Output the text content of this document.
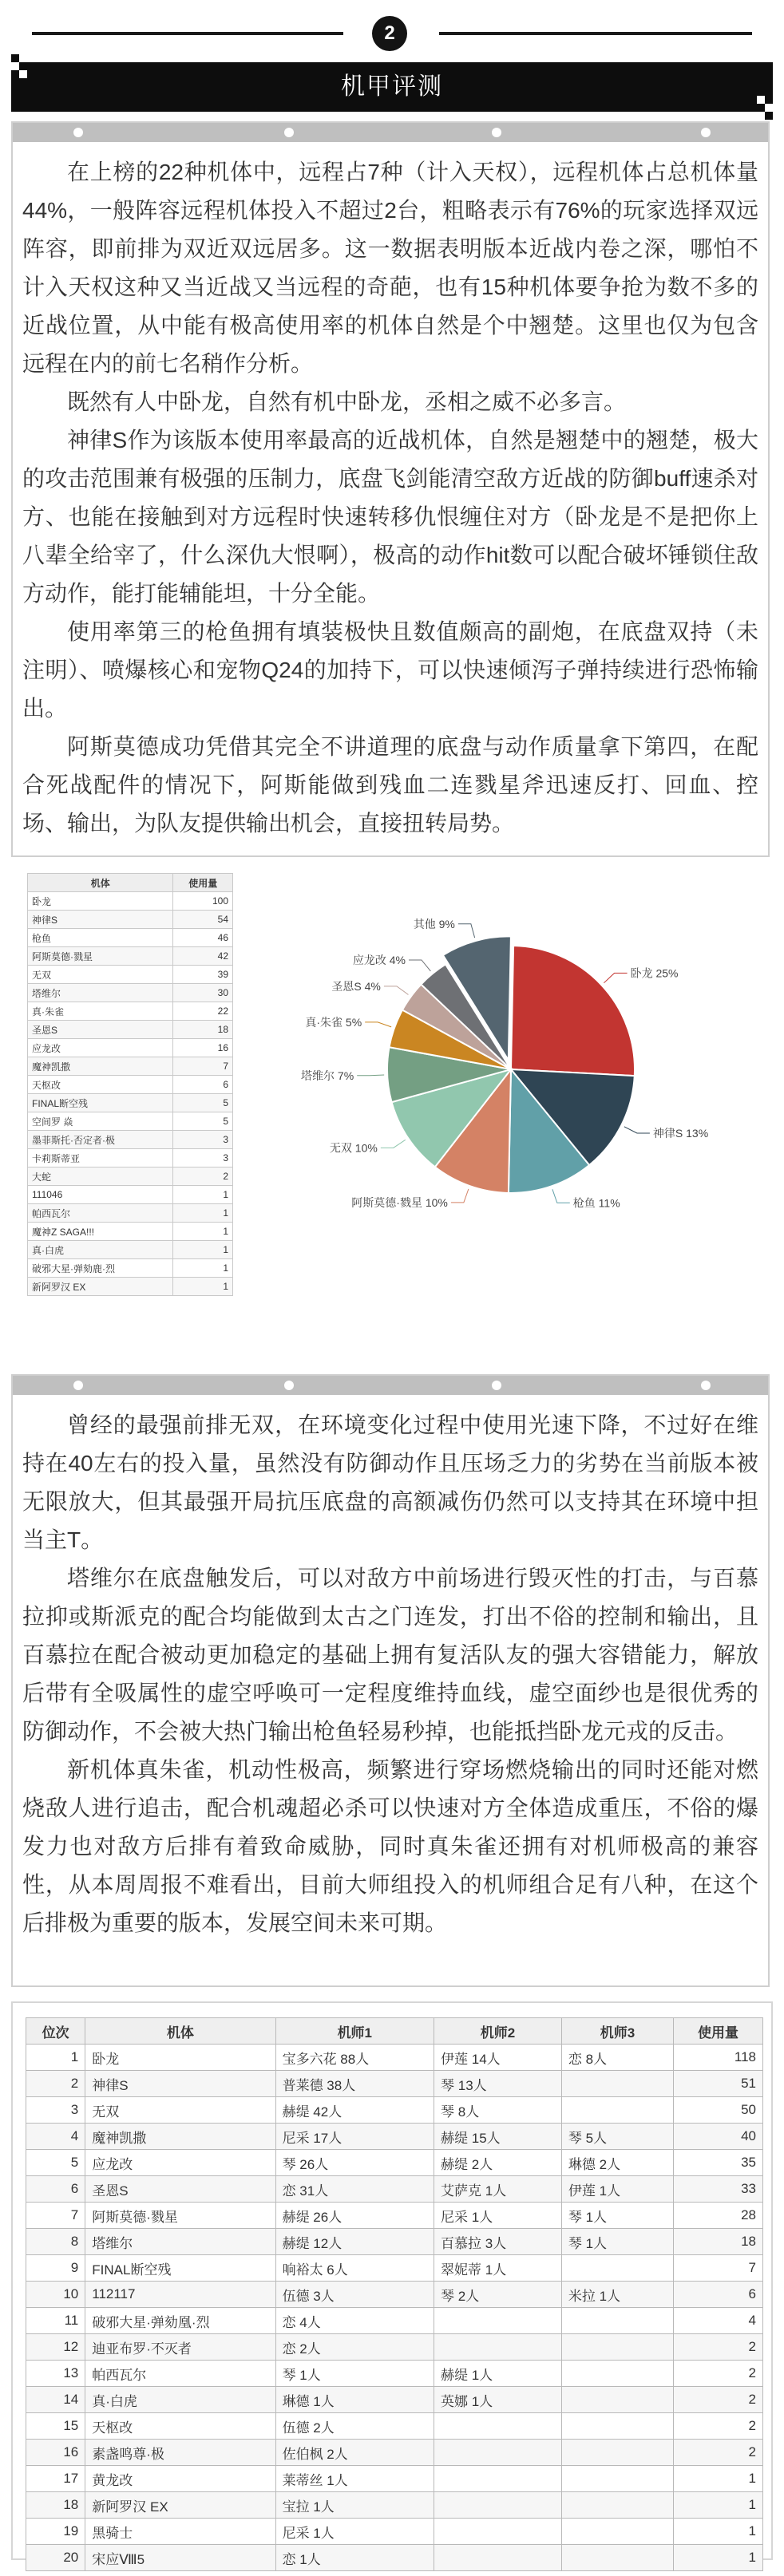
2
机甲评测

在上榜的22种机体中，远程占7种（计入天权），远程机体占总机体量44%，一般阵容远程机体投入不超过2台，粗略表示有76%的玩家选择双远阵容，即前排为双近双远居多。这一数据表明版本近战内卷之深，哪怕不计入天权这种又当近战又当远程的奇葩，也有15种机体要争抢为数不多的近战位置，从中能有极高使用率的机体自然是个中翘楚。这里也仅为包含远程在内的前七名稍作分析。

既然有人中卧龙，自然有机中卧龙，丞相之威不必多言。

神律S作为该版本使用率最高的近战机体，自然是翘楚中的翘楚，极大的攻击范围兼有极强的压制力，底盘飞剑能清空敌方近战的防御buff速杀对方、也能在接触到对方远程时快速转移仇恨缠住对方（卧龙是不是把你上八辈全给宰了，什么深仇大恨啊），极高的动作hit数可以配合破坏锤锁住敌方动作，能打能辅能坦，十分全能。

使用率第三的枪鱼拥有填装极快且数值颇高的副炮，在底盘双持（未注明）、喷爆核心和宠物Q24的加持下，可以快速倾泻子弹持续进行恐怖输出。

阿斯莫德成功凭借其完全不讲道理的底盘与动作质量拿下第四，在配合死战配件的情况下，阿斯能做到残血二连戮星斧迅速反打、回血、控场、输出，为队友提供输出机会，直接扭转局势。

机体	使用量
卧龙	100
神律S	54
枪鱼	46
阿斯莫德·戮星	42
无双	39
塔维尔	30
真·朱雀	22
圣恩S	18
应龙改	16
魔神凯撒	7
天枢改	6
FINAL断空残	5
空间罗 焱	5
墨菲斯托·否定者·极	3
卡莉斯蒂亚	3
大蛇	2
111046	1
帕西瓦尔	1
魔神Z SAGA!!!	1
真·白虎	1
破邪大星·弹劾鹿·烈	1
新阿罗汉 EX	1
卧龙 25%
神律S 13%
枪鱼 11%
阿斯莫德·戮星 10%
无双 10%
塔维尔 7%
真·朱雀 5%
圣恩S 4%
应龙改 4%
其他 9%

曾经的最强前排无双，在环境变化过程中使用光速下降，不过好在维持在40左右的投入量，虽然没有防御动作且压场乏力的劣势在当前版本被无限放大，但其最强开局抗压底盘的高额减伤仍然可以支持其在环境中担当主T。

塔维尔在底盘触发后，可以对敌方中前场进行毁灭性的打击，与百慕拉抑或斯派克的配合均能做到太古之门连发，打出不俗的控制和输出，且百慕拉在配合被动更加稳定的基础上拥有复活队友的强大容错能力，解放后带有全吸属性的虚空呼唤可一定程度维持血线，虚空面纱也是很优秀的防御动作，不会被大热门输出枪鱼轻易秒掉，也能抵挡卧龙元戎的反击。

新机体真朱雀，机动性极高，频繁进行穿场燃烧输出的同时还能对燃烧敌人进行追击，配合机魂超必杀可以快速对方全体造成重压，不俗的爆发力也对敌方后排有着致命威胁，同时真朱雀还拥有对机师极高的兼容性，从本周周报不难看出，目前大师组投入的机师组合足有八种，在这个后排极为重要的版本，发展空间未来可期。

位次	机体	机师1	机师2	机师3	使用量
1	卧龙	宝多六花 88人	伊莲 14人	恋 8人	118
2	神律S	普莱德 38人	琴 13人		51
3	无双	赫缇 42人	琴 8人		50
4	魔神凯撒	尼采 17人	赫缇 15人	琴 5人	40
5	应龙改	琴 26人	赫缇 2人	琳德 2人	35
6	圣恩S	恋 31人	艾萨克 1人	伊莲 1人	33
7	阿斯莫德·戮星	赫缇 26人	尼采 1人	琴 1人	28
8	塔维尔	赫缇 12人	百慕拉 3人	琴 1人	18
9	FINAL断空残	响裕太 6人	翠妮蒂 1人		7
10	112117	伍德 3人	琴 2人	米拉 1人	6
11	破邪大星·弹劾凰·烈	恋 4人			4
12	迪亚布罗·不灭者	恋 2人			2
13	帕西瓦尔	琴 1人	赫缇 1人		2
14	真·白虎	琳德 1人	英娜 1人		2
15	天枢改	伍德 2人			2
16	素盏鸣尊·极	佐伯枫 2人			2
17	黄龙改	莱蒂丝 1人			1
18	新阿罗汉 EX	宝拉 1人			1
19	黑骑士	尼采 1人			1
20	宋应Ⅷ5	恋 1人			1
